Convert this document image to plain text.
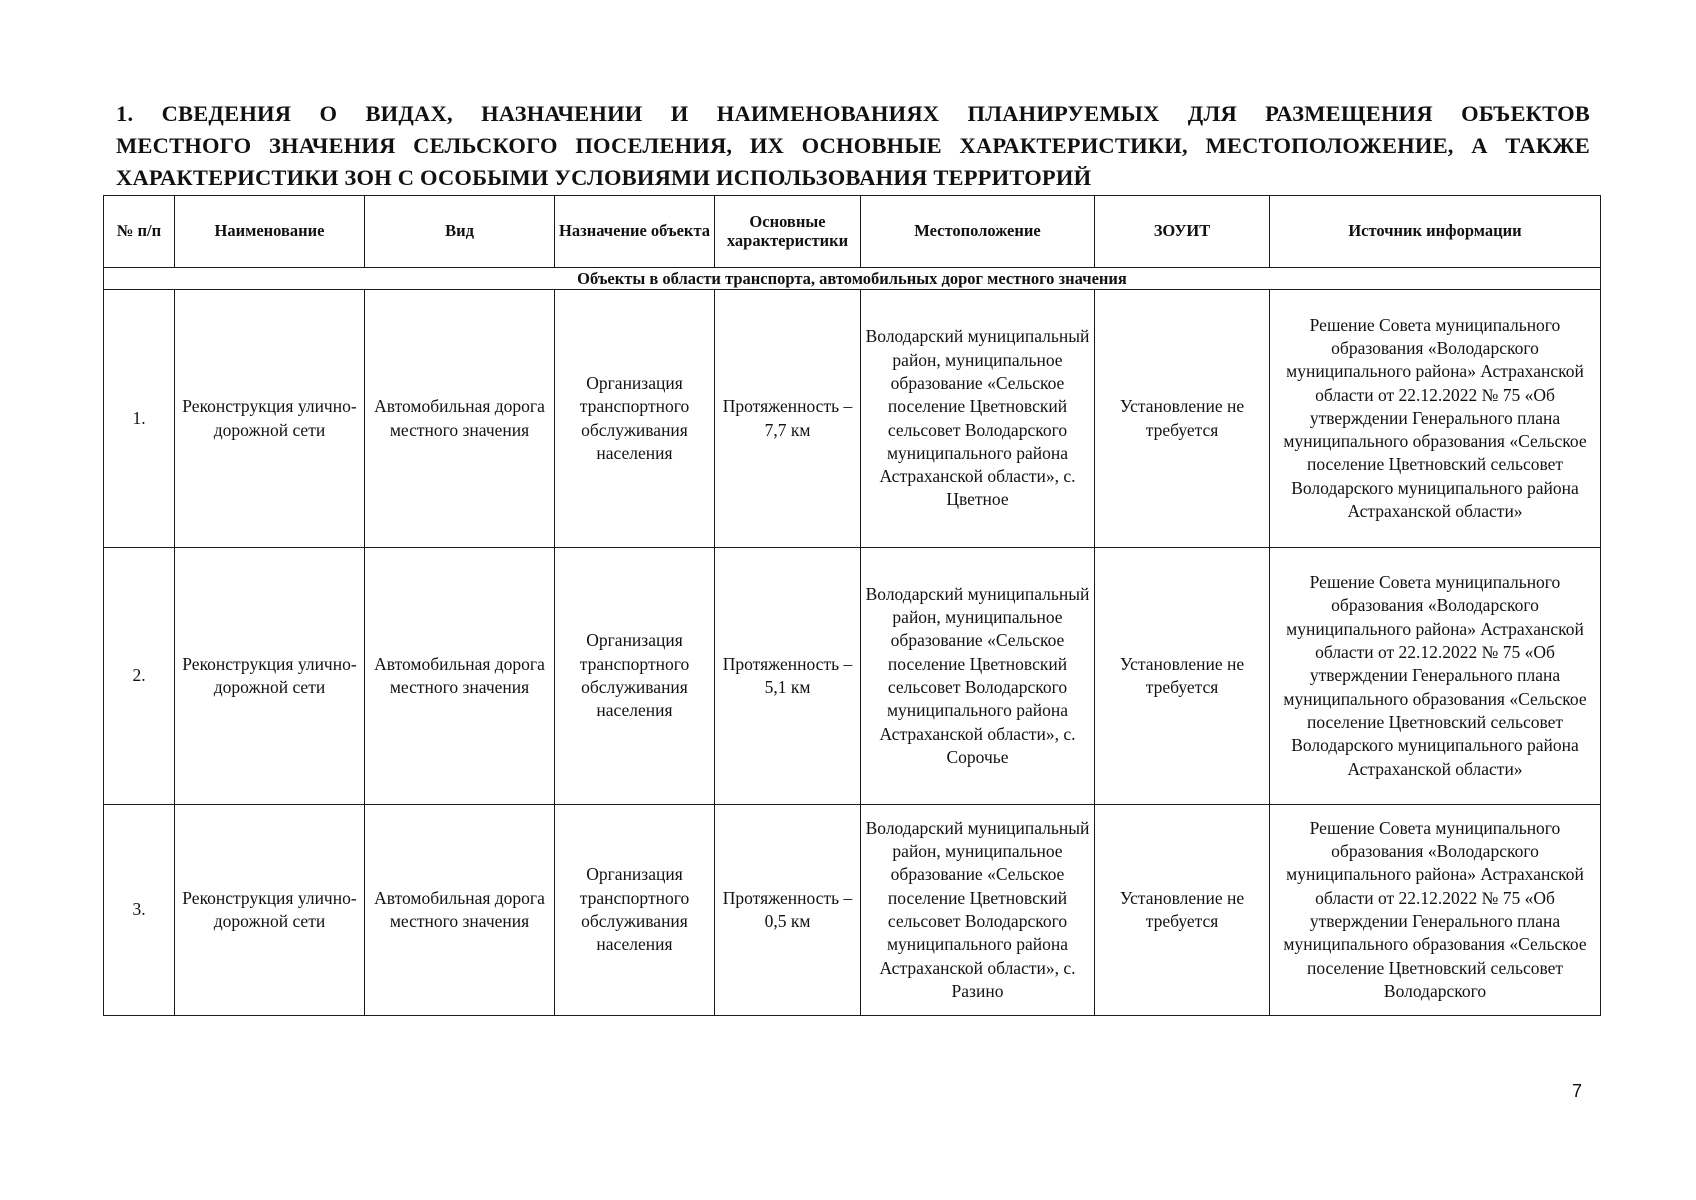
1. СВЕДЕНИЯ О ВИДАХ, НАЗНАЧЕНИИ И НАИМЕНОВАНИЯХ ПЛАНИРУЕМЫХ ДЛЯ РАЗМЕЩЕНИЯ ОБЪЕКТОВ
МЕСТНОГО ЗНАЧЕНИЯ СЕЛЬСКОГО ПОСЕЛЕНИЯ, ИХ ОСНОВНЫЕ ХАРАКТЕРИСТИКИ, МЕСТОПОЛОЖЕНИЕ, А ТАКЖЕ
ХАРАКТЕРИСТИКИ ЗОН С ОСОБЫМИ УСЛОВИЯМИ ИСПОЛЬЗОВАНИЯ ТЕРРИТОРИЙ
№ п/п	Наименование	Вид	Назначение объекта	Основные характеристики	Местоположение	ЗОУИТ	Источник информации
Объекты в области транспорта, автомобильных дорог местного значения							
1.	Реконструкция улично-дорожной сети	Автомобильная дорога местного значения	Организация транспортного обслуживания населения	Протяженность – 7,7 км	Володарский муниципальный район, муниципальное образование «Сельское поселение Цветновский сельсовет Володарского муниципального района Астраханской области», с. Цветное	Установление не требуется	Решение Совета муниципального образования «Володарского муниципального района» Астраханской области от 22.12.2022 № 75 «Об утверждении Генерального плана муниципального образования «Сельское поселение Цветновский сельсовет Володарского муниципального района Астраханской области»
2.	Реконструкция улично-дорожной сети	Автомобильная дорога местного значения	Организация транспортного обслуживания населения	Протяженность – 5,1 км	Володарский муниципальный район, муниципальное образование «Сельское поселение Цветновский сельсовет Володарского муниципального района Астраханской области», с. Сорочье	Установление не требуется	Решение Совета муниципального образования «Володарского муниципального района» Астраханской области от 22.12.2022 № 75 «Об утверждении Генерального плана муниципального образования «Сельское поселение Цветновский сельсовет Володарского муниципального района Астраханской области»
3.	Реконструкция улично-дорожной сети	Автомобильная дорога местного значения	Организация транспортного обслуживания населения	Протяженность – 0,5 км	Володарский муниципальный район, муниципальное образование «Сельское поселение Цветновский сельсовет Володарского муниципального района Астраханской области», с. Разино	Установление не требуется	Решение Совета муниципального образования «Володарского муниципального района» Астраханской области от 22.12.2022 № 75 «Об утверждении Генерального плана муниципального образования «Сельское поселение Цветновский сельсовет Володарского
7
